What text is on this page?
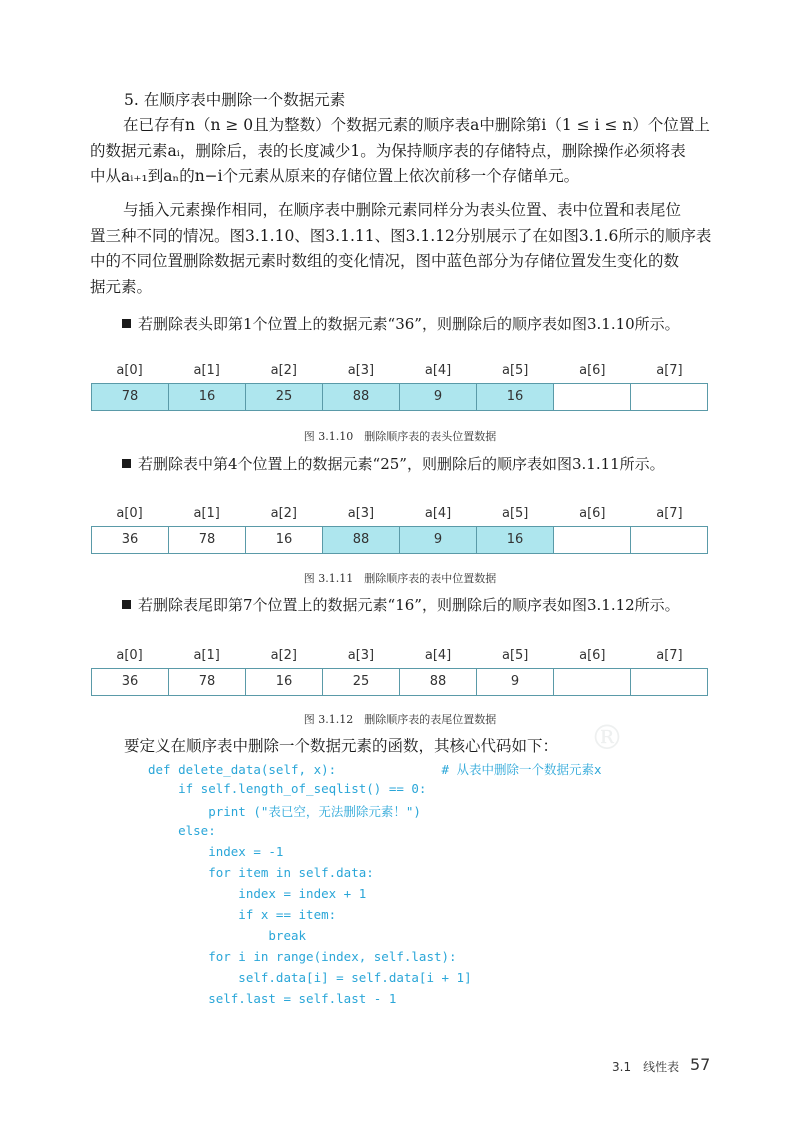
5. 在顺序表中删除一个数据元素
在已存有n（n ≥ 0且为整数）个数据元素的顺序表a中删除第i（1 ≤ i ≤ n）个位置上
的数据元素aᵢ，删除后，表的长度减少1。为保持顺序表的存储特点，删除操作必须将表
中从aᵢ₊₁到aₙ的n−i个元素从原来的存储位置上依次前移一个存储单元。
与插入元素操作相同，在顺序表中删除元素同样分为表头位置、表中位置和表尾位
置三种不同的情况。图3.1.10、图3.1.11、图3.1.12分别展示了在如图3.1.6所示的顺序表
中的不同位置删除数据元素时数组的变化情况，图中蓝色部分为存储位置发生变化的数
据元素。
若删除表头即第1个位置上的数据元素“36”，则删除后的顺序表如图3.1.10所示。
a[0]	a[1]	a[2]	a[3]	a[4]	a[5]	a[6]	a[7]
78	16	25	88	9	16
图 3.1.10　删除顺序表的表头位置数据
若删除表中第4个位置上的数据元素“25”，则删除后的顺序表如图3.1.11所示。
a[0]	a[1]	a[2]	a[3]	a[4]	a[5]	a[6]	a[7]
36	78	16	88	9	16
图 3.1.11　删除顺序表的表中位置数据
若删除表尾即第7个位置上的数据元素“16”，则删除后的顺序表如图3.1.12所示。
a[0]	a[1]	a[2]	a[3]	a[4]	a[5]	a[6]	a[7]
36	78	16	25	88	9
图 3.1.12　删除顺序表的表尾位置数据
要定义在顺序表中删除一个数据元素的函数，其核心代码如下： ®
def delete_data(self, x):              # 从表中删除一个数据元素x
if self.length_of_seqlist() == 0:
print ("表已空，无法删除元素！")
else:
index = -1
for item in self.data:
index = index + 1
if x == item:
break
for i in range(index, self.last):
self.data[i] = self.data[i + 1]
self.last = self.last - 1
3.1　线性表 57
